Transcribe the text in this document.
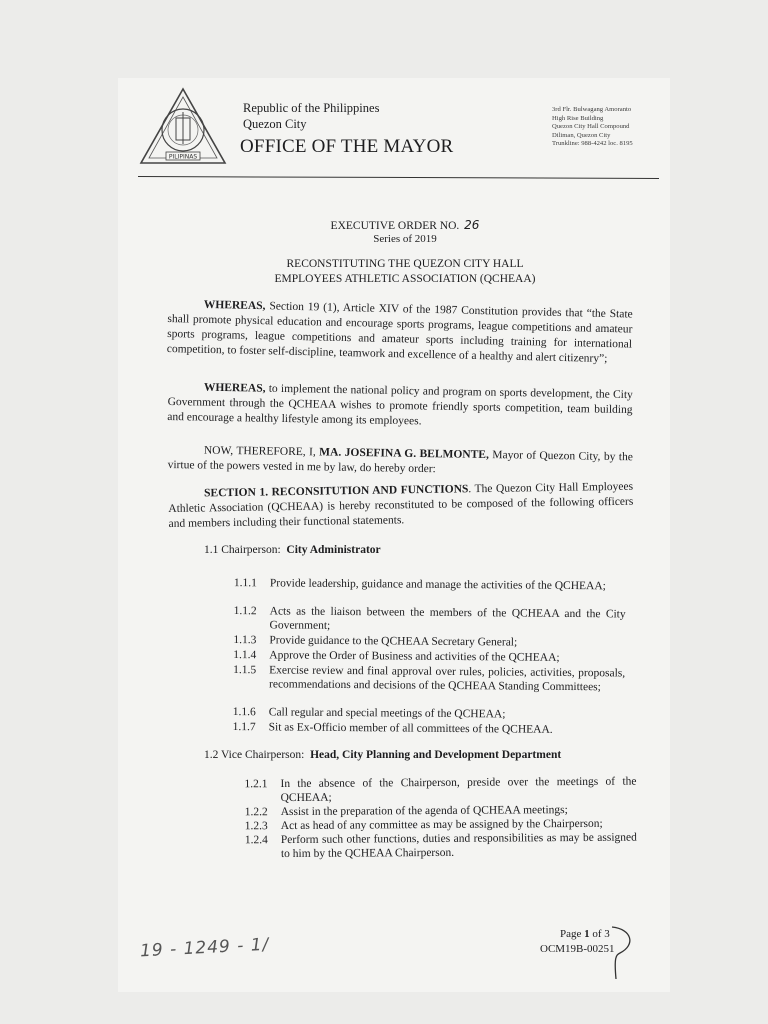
PILIPINAS
Republic of the Philippines
Quezon City
OFFICE OF THE MAYOR
3rd Flr. Bulwagang Amoranto
High Rise Building
Quezon City Hall Compound
Diliman, Quezon City
Trunkline: 988-4242 loc. 8195
EXECUTIVE ORDER NO. 26
Series of 2019
RECONSTITUTING THE QUEZON CITY HALL
EMPLOYEES ATHLETIC ASSOCIATION (QCHEAA)
WHEREAS, Section 19 (1), Article XIV of the 1987 Constitution provides that “the State shall promote physical education and encourage sports programs, league competitions and amateur sports programs, league competitions and amateur sports including training for international competition, to foster self-discipline, teamwork and excellence of a healthy and alert citizenry”;
WHEREAS, to implement the national policy and program on sports development, the City Government through the QCHEAA wishes to promote friendly sports competition, team building and encourage a healthy lifestyle among its employees.
NOW, THEREFORE, I, MA. JOSEFINA G. BELMONTE, Mayor of Quezon City, by the virtue of the powers vested in me by law, do hereby order:
SECTION 1. RECONSITUTION AND FUNCTIONS. The Quezon City Hall Employees Athletic Association (QCHEAA) is hereby reconstituted to be composed of the following officers and members including their functional statements.
1.1 Chairperson: City Administrator
1.1.1	Provide leadership, guidance and manage the activities of the QCHEAA;
1.1.2	Acts as the liaison between the members of the QCHEAA and the City Government;
1.1.3	Provide guidance to the QCHEAA Secretary General;
1.1.4	Approve the Order of Business and activities of the QCHEAA;
1.1.5	Exercise review and final approval over rules, policies, activities, proposals, recommendations and decisions of the QCHEAA Standing Committees;
1.1.6	Call regular and special meetings of the QCHEAA;
1.1.7	Sit as Ex-Officio member of all committees of the QCHEAA.
1.2 Vice Chairperson: Head, City Planning and Development Department
1.2.1	In the absence of the Chairperson, preside over the meetings of the QCHEAA;
1.2.2	Assist in the preparation of the agenda of QCHEAA meetings;
1.2.3	Act as head of any committee as may be assigned by the Chairperson;
1.2.4	Perform such other functions, duties and responsibilities as may be assigned to him by the QCHEAA Chairperson.
Page 1 of 3
OCM19B-00251
19 - 1249 - 1/
